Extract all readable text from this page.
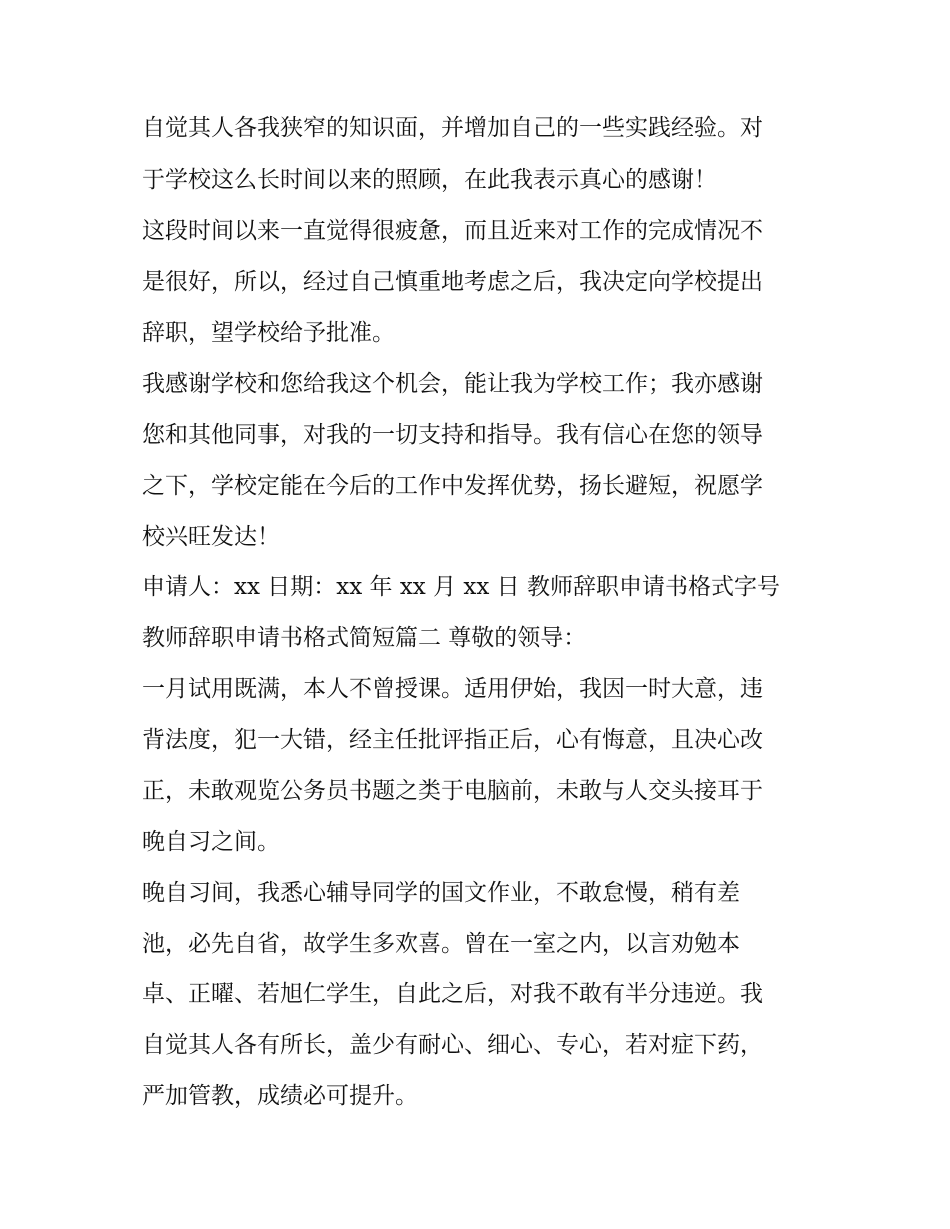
自觉其人各我狭窄的知识面，并增加自己的一些实践经验。对
于学校这么长时间以来的照顾，在此我表示真心的感谢！
这段时间以来一直觉得很疲惫，而且近来对工作的完成情况不
是很好，所以，经过自己慎重地考虑之后，我决定向学校提出
辞职，望学校给予批准。
我感谢学校和您给我这个机会，能让我为学校工作；我亦感谢
您和其他同事，对我的一切支持和指导。我有信心在您的领导
之下，学校定能在今后的工作中发挥优势，扬长避短，祝愿学
校兴旺发达！
申请人：xx 日期：xx 年 xx 月 xx 日 教师辞职申请书格式字号
教师辞职申请书格式简短篇二 尊敬的领导：
一月试用既满，本人不曾授课。适用伊始，我因一时大意，违
背法度，犯一大错，经主任批评指正后，心有悔意，且决心改
正，未敢观览公务员书题之类于电脑前，未敢与人交头接耳于
晚自习之间。
晚自习间，我悉心辅导同学的国文作业，不敢怠慢，稍有差
池，必先自省，故学生多欢喜。曾在一室之内，以言劝勉本
卓、正曜、若旭仁学生，自此之后，对我不敢有半分违逆。我
自觉其人各有所长，盖少有耐心、细心、专心，若对症下药，
严加管教，成绩必可提升。
